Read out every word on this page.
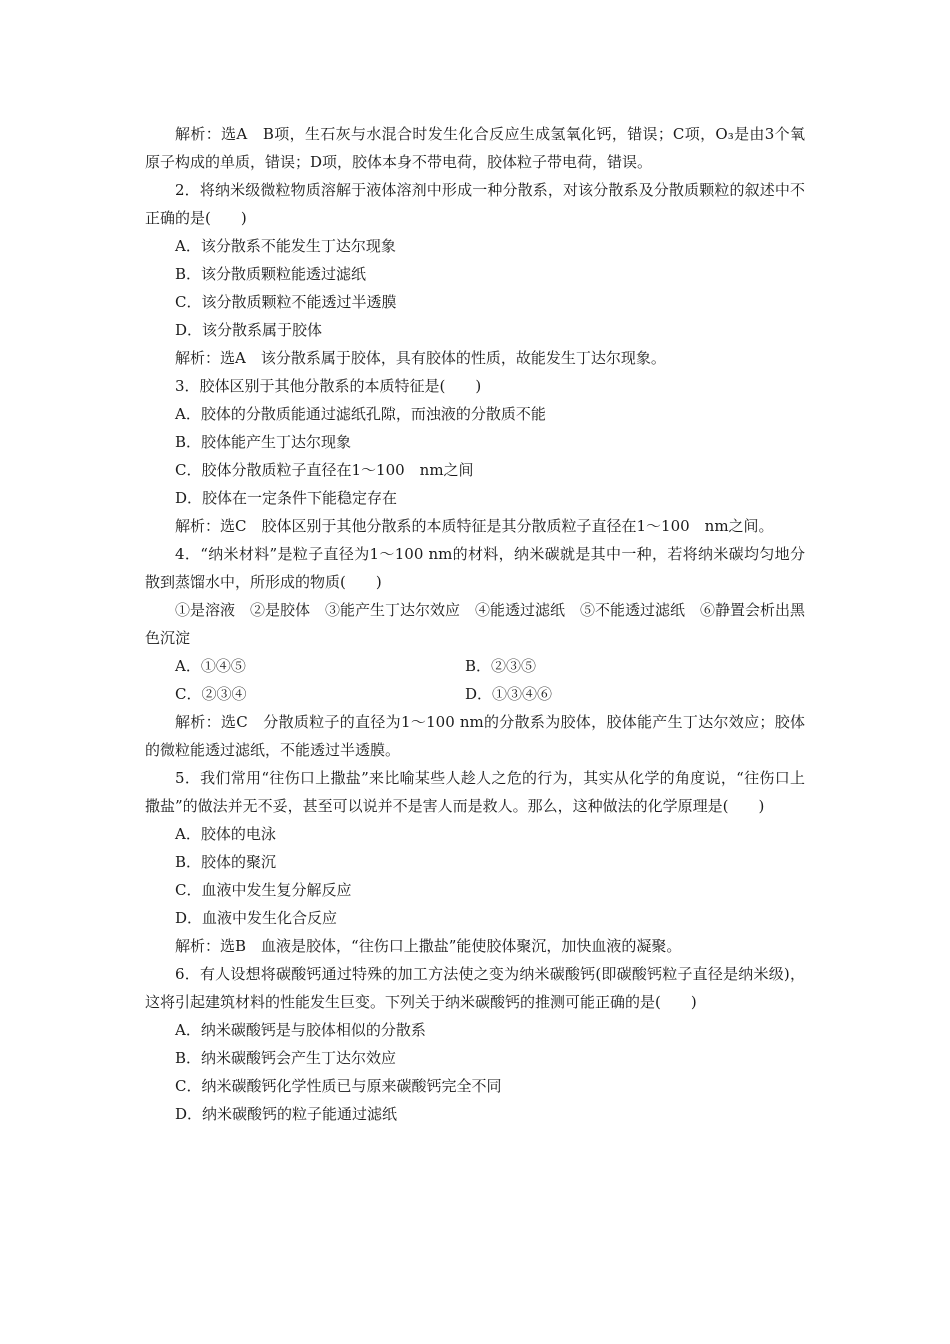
解析：选A　B项，生石灰与水混合时发生化合反应生成氢氧化钙，错误；C项，O₃是由3个氧原子构成的单质，错误；D项，胶体本身不带电荷，胶体粒子带电荷，错误。

2．将纳米级微粒物质溶解于液体溶剂中形成一种分散系，对该分散系及分散质颗粒的叙述中不正确的是(　　)

A．该分散系不能发生丁达尔现象

B．该分散质颗粒能透过滤纸

C．该分散质颗粒不能透过半透膜

D．该分散系属于胶体

解析：选A　该分散系属于胶体，具有胶体的性质，故能发生丁达尔现象。

3．胶体区别于其他分散系的本质特征是(　　)

A．胶体的分散质能通过滤纸孔隙，而浊液的分散质不能

B．胶体能产生丁达尔现象

C．胶体分散质粒子直径在1～100　nm之间

D．胶体在一定条件下能稳定存在

解析：选C　胶体区别于其他分散系的本质特征是其分散质粒子直径在1～100　nm之间。

4．“纳米材料”是粒子直径为1～100 nm的材料，纳米碳就是其中一种，若将纳米碳均匀地分散到蒸馏水中，所形成的物质(　　)

①是溶液　②是胶体　③能产生丁达尔效应　④能透过滤纸　⑤不能透过滤纸　⑥静置会析出黑色沉淀

A．①④⑤	B．②③⑤
C．②③④	D．①③④⑥

解析：选C　分散质粒子的直径为1～100 nm的分散系为胶体，胶体能产生丁达尔效应；胶体的微粒能透过滤纸，不能透过半透膜。

5．我们常用“往伤口上撒盐”来比喻某些人趁人之危的行为，其实从化学的角度说，“往伤口上撒盐”的做法并无不妥，甚至可以说并不是害人而是救人。那么，这种做法的化学原理是(　　)

A．胶体的电泳

B．胶体的聚沉

C．血液中发生复分解反应

D．血液中发生化合反应

解析：选B　血液是胶体，“往伤口上撒盐”能使胶体聚沉，加快血液的凝聚。

6．有人设想将碳酸钙通过特殊的加工方法使之变为纳米碳酸钙(即碳酸钙粒子直径是纳米级)，这将引起建筑材料的性能发生巨变。下列关于纳米碳酸钙的推测可能正确的是(　　)

A．纳米碳酸钙是与胶体相似的分散系

B．纳米碳酸钙会产生丁达尔效应

C．纳米碳酸钙化学性质已与原来碳酸钙完全不同

D．纳米碳酸钙的粒子能通过滤纸
